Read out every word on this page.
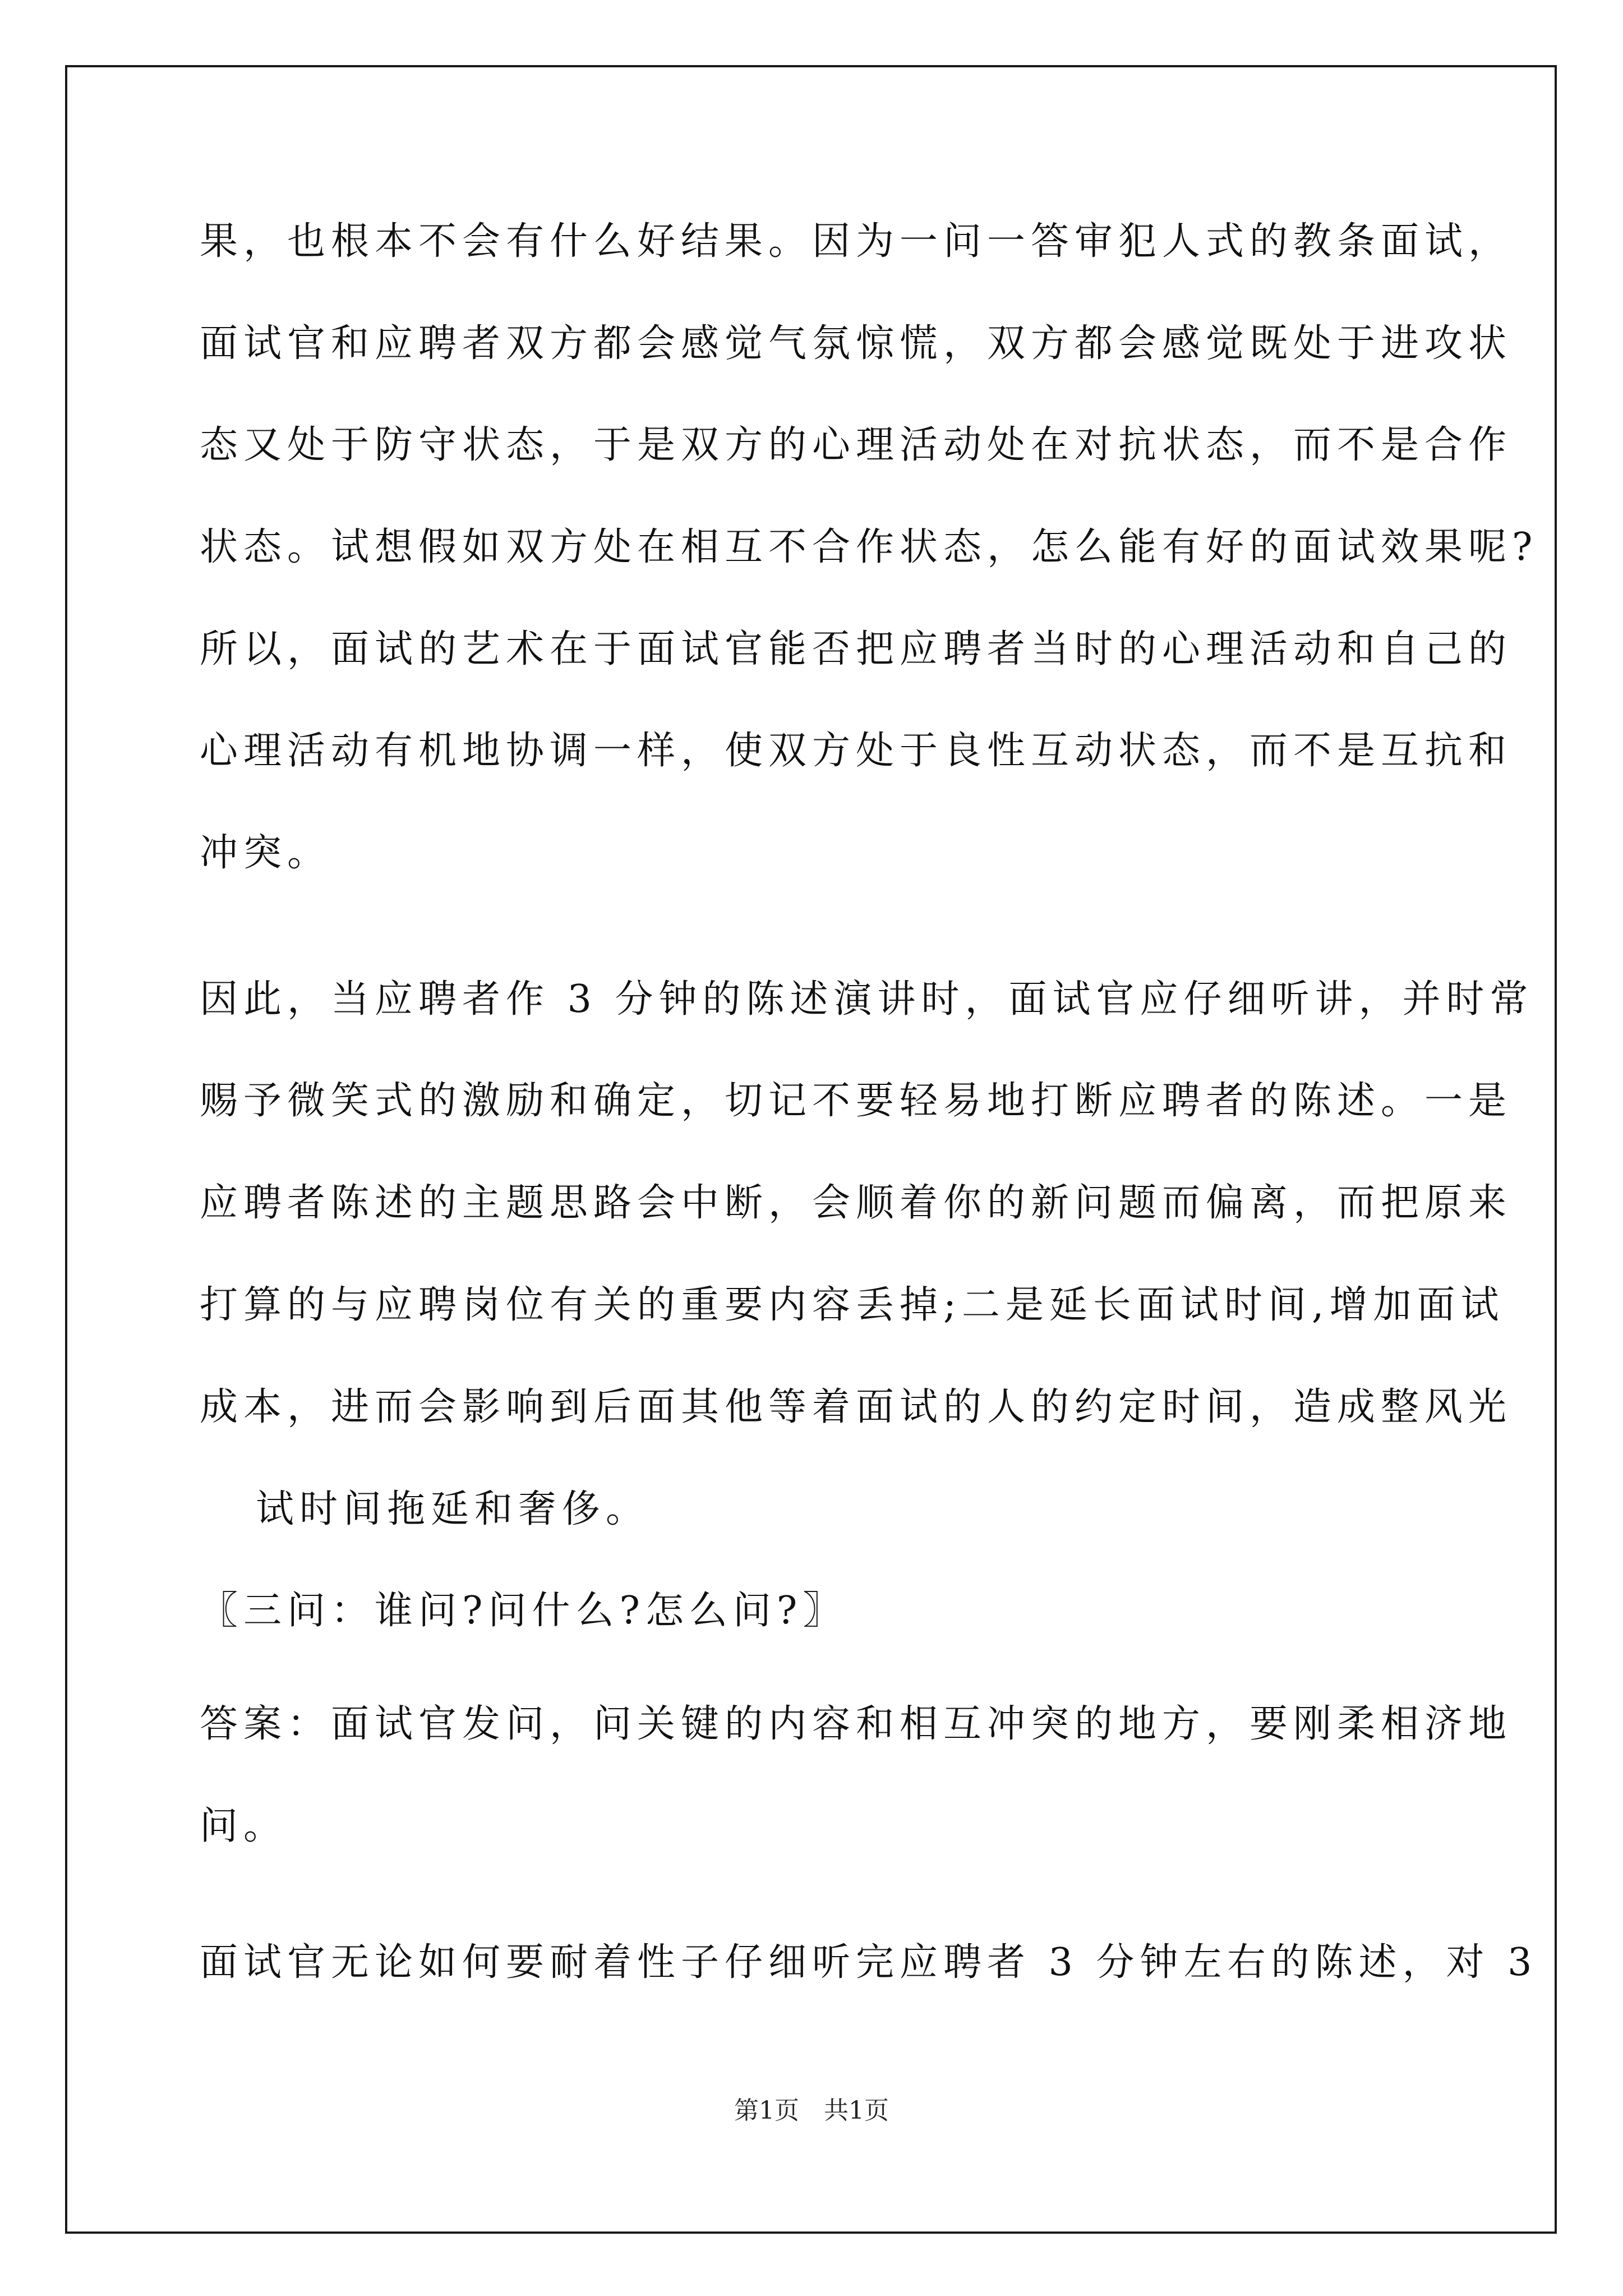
果，也根本不会有什么好结果。因为一问一答审犯人式的教条面试，
面试官和应聘者双方都会感觉气氛惊慌，双方都会感觉既处于进攻状
态又处于防守状态，于是双方的心理活动处在对抗状态，而不是合作
状态。试想假如双方处在相互不合作状态，怎么能有好的面试效果呢?
所以，面试的艺术在于面试官能否把应聘者当时的心理活动和自己的
心理活动有机地协调一样，使双方处于良性互动状态，而不是互抗和
冲突。
因此，当应聘者作 3 分钟的陈述演讲时，面试官应仔细听讲，并时常
赐予微笑式的激励和确定，切记不要轻易地打断应聘者的陈述。一是
应聘者陈述的主题思路会中断，会顺着你的新问题而偏离，而把原来
打算的与应聘岗位有关的重要内容丢掉;二是延长面试时间,增加面试
成本，进而会影响到后面其他等着面试的人的约定时间，造成整风光
试时间拖延和奢侈。
〖三问：谁问?问什么?怎么问?〗
答案：面试官发问，问关键的内容和相互冲突的地方，要刚柔相济地
问。
面试官无论如何要耐着性子仔细听完应聘者 3 分钟左右的陈述，对 3
第1页　共1页
